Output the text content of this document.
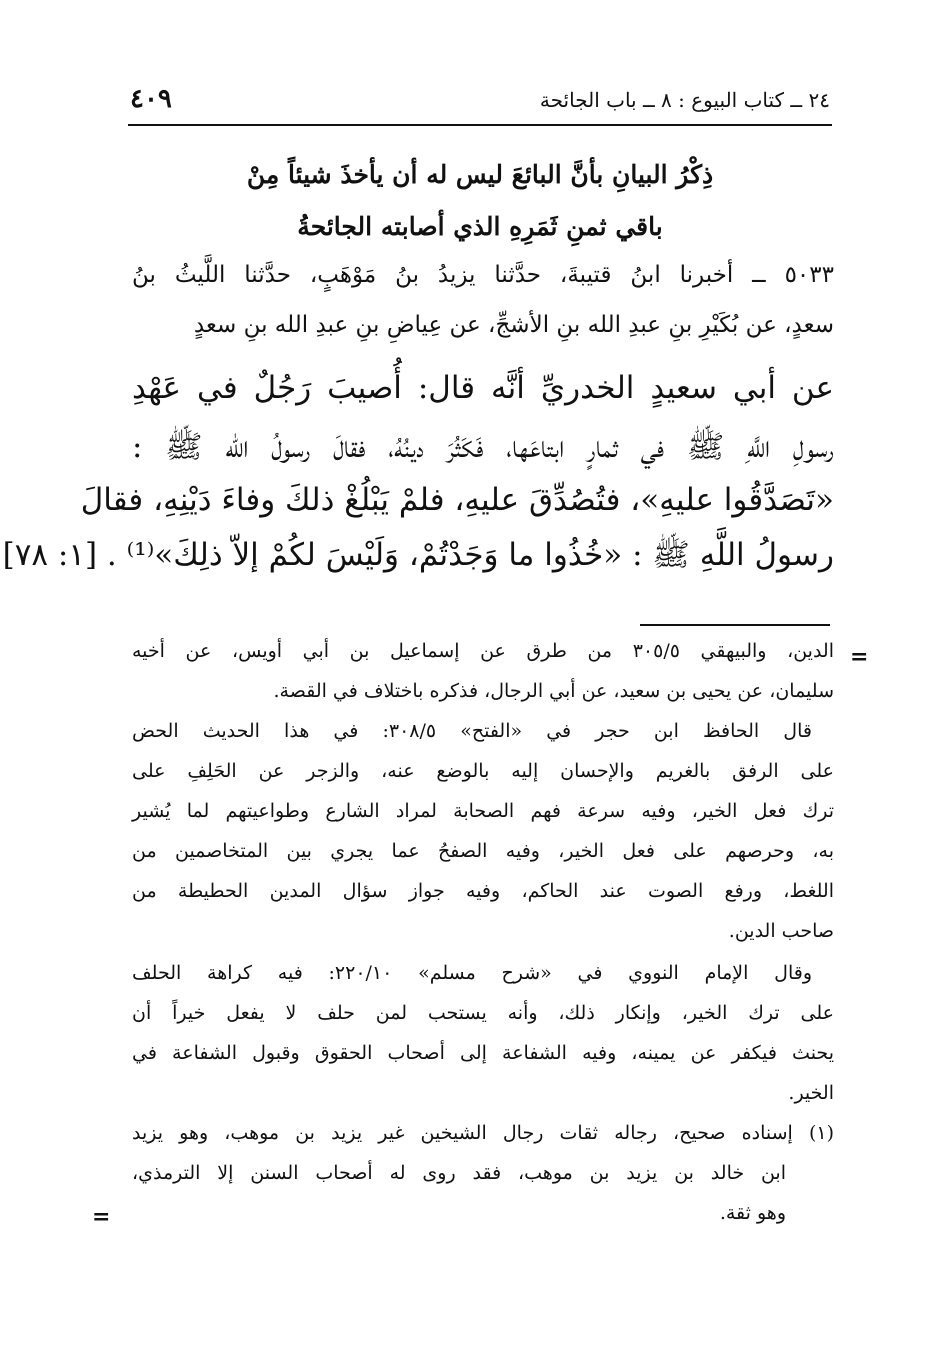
٢٤ ــ كتاب البيوع : ٨ ــ باب الجائحة
٤٠٩
ذِكْرُ البيانِ بأنَّ البائعَ ليس له أن يأخذَ شيئاً مِنْ
باقي ثمنِ ثَمَرِهِ الذي أصابته الجائحةُ
٥٠٣٣ ــ أخبرنا ابنُ قتيبةَ، حدَّثنا يزيدُ بنُ مَوْهَبٍ، حدَّثنا اللَّيثُ بنُ
سعدٍ، عن بُكَيْرِ بنِ عبدِ الله بنِ الأشجِّ، عن عِياضِ بنِ عبدِ الله بنِ سعدٍ
عن أبي سعيدٍ الخدريِّ أنَّه قال: أُصيبَ رَجُلٌ في عَهْدِ
رسولِ اللَّهِ ﷺ في ثمارٍ ابتاعَها، فَكَثُرَ دينُهُ، فقالَ رسولُ الله ﷺ :
«تَصَدَّقُوا عليهِ»، فتُصُدِّقَ عليهِ، فلمْ يَبْلُغْ ذلكَ وفاءَ دَيْنِهِ، فقالَ
رسولُ اللَّهِ ﷺ : «خُذُوا ما وَجَدْتُمْ، وَلَيْسَ لكُمْ إلاّ ذلِكَ»⁽¹⁾ . [١: ٧٨]
=
الدين، والبيهقي ٣٠٥/٥ من طرق عن إسماعيل بن أبي أويس، عن أخيه
سليمان، عن يحيى بن سعيد، عن أبي الرجال، فذكره باختلاف في القصة.
قال الحافظ ابن حجر في «الفتح» ٣٠٨/٥: في هذا الحديث الحض
على الرفق بالغريم والإحسان إليه بالوضع عنه، والزجر عن الحَلِفِ على
ترك فعل الخير، وفيه سرعة فهم الصحابة لمراد الشارع وطواعيتهم لما يُشير
به، وحرصهم على فعل الخير، وفيه الصفحُ عما يجري بين المتخاصمين من
اللغط، ورفع الصوت عند الحاكم، وفيه جواز سؤال المدين الحطيطة من
صاحب الدين.
وقال الإمام النووي في «شرح مسلم» ٢٢٠/١٠: فيه كراهة الحلف
على ترك الخير، وإنكار ذلك، وأنه يستحب لمن حلف لا يفعل خيراً أن
يحنث فيكفر عن يمينه، وفيه الشفاعة إلى أصحاب الحقوق وقبول الشفاعة في
الخير.
(١) إسناده صحيح، رجاله ثقات رجال الشيخين غير يزيد بن موهب، وهو يزيد
ابن خالد بن يزيد بن موهب، فقد روى له أصحاب السنن إلا الترمذي،
وهو ثقة.
=
